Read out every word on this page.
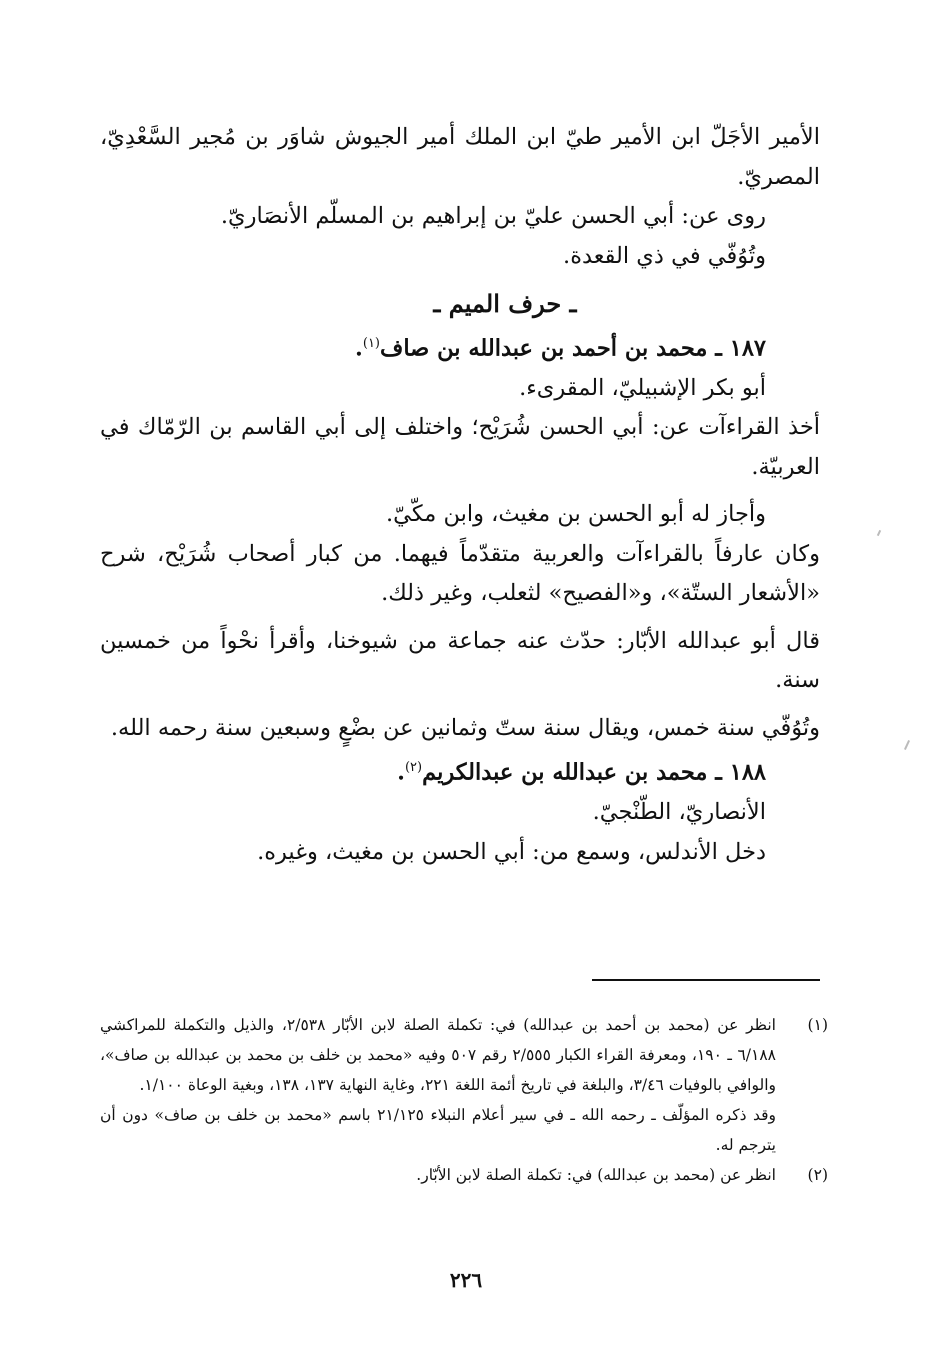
الأمير الأجَلّ ابن الأمير طيّ ابن الملك أمير الجيوش شاوَر بن مُجير السَّعْدِيّ، المصريّ.

روى عن: أبي الحسن عليّ بن إبراهيم بن المسلّم الأنصَاريّ.

وتُوُفّي في ذي القعدة.

ـ حرف الميم ـ

١٨٧ ـ محمد بن أحمد بن عبدالله بن صاف$^{(١)}$.

أبو بكر الإشبيليّ، المقرىء.

أخذ القراءآت عن: أبي الحسن شُرَيْح؛ واختلف إلى أبي القاسم بن الرّمّاك في العربيّة.

وأجاز له أبو الحسن بن مغيث، وابن مكّيّ.

وكان عارفاً بالقراءآت والعربية متقدّماً فيهما. من كبار أصحاب شُرَيْح، شرح «الأشعار الستّة»، و«الفصيح» لثعلب، وغير ذلك.

قال أبو عبدالله الأبّار: حدّث عنه جماعة من شيوخنا، وأقرأ نحْواً من خمسين سنة.

وتُوُفّي سنة خمس، ويقال سنة ستّ وثمانين عن بضْعٍ وسبعين سنة رحمه الله.

١٨٨ ـ محمد بن عبدالله بن عبدالكريم$^{(٢)}$.

الأنصاريّ، الطّنْجيّ.

دخل الأندلس، وسمع من: أبي الحسن بن مغيث، وغيره.

(١)

انظر عن (محمد بن أحمد بن عبدالله) في: تكملة الصلة لابن الأبّار ٢/٥٣٨، والذيل والتكملة للمراكشي ٦/١٨٨ ـ ١٩٠، ومعرفة القراء الكبار ٢/٥٥٥ رقم ٥٠٧ وفيه «محمد بن خلف بن محمد بن عبدالله بن صاف»، والوافي بالوفيات ٣/٤٦، والبلغة في تاريخ أئمة اللغة ٢٢١، وغاية النهاية ١٣٧، ١٣٨، وبغية الوعاة ١/١٠٠.

وقد ذكره المؤلّف ـ رحمه الله ـ في سير أعلام النبلاء ٢١/١٢٥ باسم «محمد بن خلف بن صاف» دون أن يترجم له.

(٢)

انظر عن (محمد بن عبدالله) في: تكملة الصلة لابن الأبّار.

٢٢٦
